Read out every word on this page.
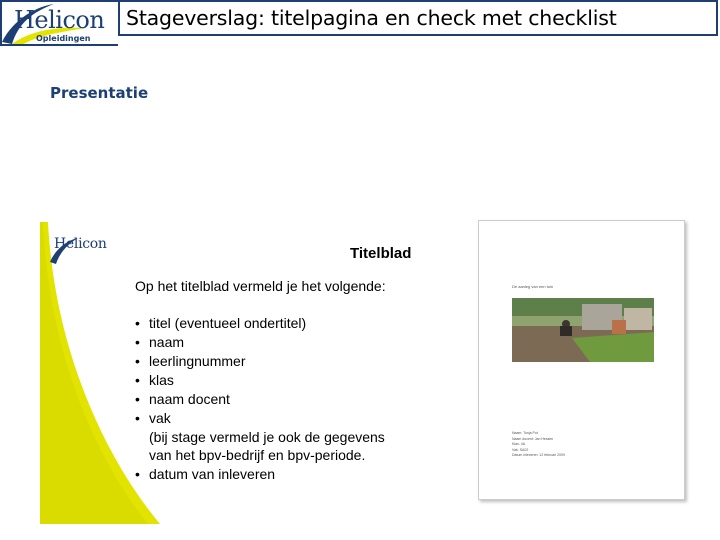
Helicon
Opleidingen
Stageverslag: titelpagina en check met checklist
Presentatie
Helicon
Titelblad
Op het titelblad vermeld je het volgende:
• titel (eventueel ondertitel)
• naam
• leerlingnummer
• klas
• naam docent
• vak
(bij stage vermeld je ook de gegevens
van het bpv-bedrijf en bpv-periode.
• datum van inleveren
De aanleg van een tuin
Naam: Tonja Pot
Naam docent: Jan Hessen
Klas: 4A
Vak: SA02
Datum inleveren: 12 februari 2009
